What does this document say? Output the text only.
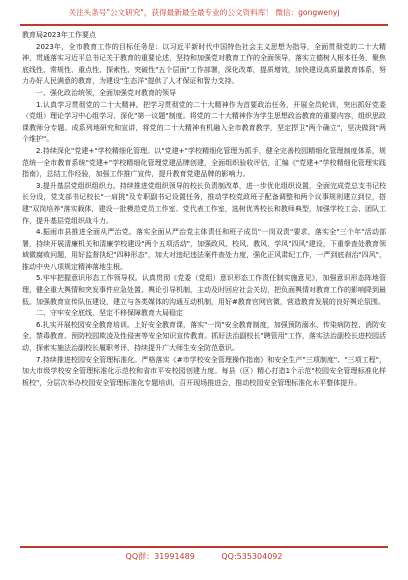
关注头条号"公文研究"，获得最新最全最专业的公文资料库！ 微信：gongwenyj
教育局2023年工作要点

2023年，全市教育工作的目标任务是：以习近平新时代中国特色社会主义思想为指导，全面贯彻党的二十大精神，贯通落实习近平总书记关于教育的重要论述，坚持和加强党对教育工作的全面领导，落实立德树人根本任务，聚焦底线性、常规性、重点性、探索性、突破性"五个层面"工作部署，深化改革，提质增效，加快建设高质量教育体系，努力办好人民满意的教育，为建设"生态洋"提供了人才保证和智力支持。

一、强化政治统领，全面加强党对教育的领导

1.认真学习贯彻党的二十大精神。把学习贯彻党的二十大精神作为首要政治任务，开展全员轮训，突出抓好党委（党组）理论学习中心组学习、深化"第一议题"制度。将党的二十大精神作为学生思想政治教育的重要内容，组织思政课教师分专题、成系列地研究和宣讲，将党的二十大精神有机融入全市教育教学，坚定捍卫"两个确立"，坚决做到"两个维护"。

2.持续深化"党建+"学校精细化管理。以"党建+"学校精细化管理为抓手，健全完善校园精细化管理制度体系，规范统一全市教育系统"党建+"学校精细化管理党建品牌创建，全面组织验收评估，汇编《"党建+"学校精细化管理实践指南》，总结工作经验，加强工作推广宣传，提升教育党建品牌的影响力。

3.提升基层党组织组织力。持续推进党组织领导的校长负责制改革，进一步优化组织设置，全面完成党总支书记校长分设，党支部书记校长"一肩挑"及专职副书记设置任务，推动学校党政班子配备调整和两个议事规则建立到位，搭建"双岗培养"落实载体，建设一批模范党员工作室、党代表工作室，选树优秀校长和教师典型，加强学校工会、团队工作，提升基层党组织战斗力。

4.振雨市县推进全面从严治党。落实全面从严治党主体责任和班子成员"一岗双责"要求，落实全"三个年"活动部署，持续开展清廉机关和清廉学校建设"两个五项活动"，加强政风、校风、教风、学风"四风"建设，下重拳查处教育领域微腐败问题，用好监督执纪"四种形态"，加大对违纪违法案件查处力度，强化正风肃纪工作，一严到底刹治"四风"，推动中央八项规定精神落地生根。

5.牢牢把握意识形态工作领导权。认真贯彻《党委（党组）意识形态工作责任制实施意见》，加强意识形态阵地管理，健全重大舆情和突发事件应急处置、舆论引导机制，主动及时回应社会关切，把负面舆情对教育工作的影响降到最低。加强教育宣传队伍建设，建立与各类媒体的沟通互动机制，用好#教育官网官微，营造教育发展的良好舆论氛围。

二、守牢安全底线，坚定不移保障教育大局稳定

6.扎实开展校园安全教育培训。上好安全教育课，落实"一岗"安全教育制度，加强预防溺水、传染病防控、消防安全、禁毒教育、预防校园欺凌及性侵害等安全知识宣传教育。抓好法治副校长"聘管用"工作，落实法治副校长进校园活动，探索实施法治副校长履职考评，持续提升广大师生安全防范意识。

7.持续推进校园安全管理标准化。严格落实《#市学校安全管理操作指南》和安全生产"三项制度"、"三项工程"，加大市级学校安全管理标准化示范校和省市平安校园创建力度。每县（区）精心打造1个示范"校园安全管理标准化样板校"，分层次举办校园安全管理标准化专题培训，召开现场推进会，推动校园安全管理标准化水平整体提升。

QQ群：31991489	QQ:535304092
